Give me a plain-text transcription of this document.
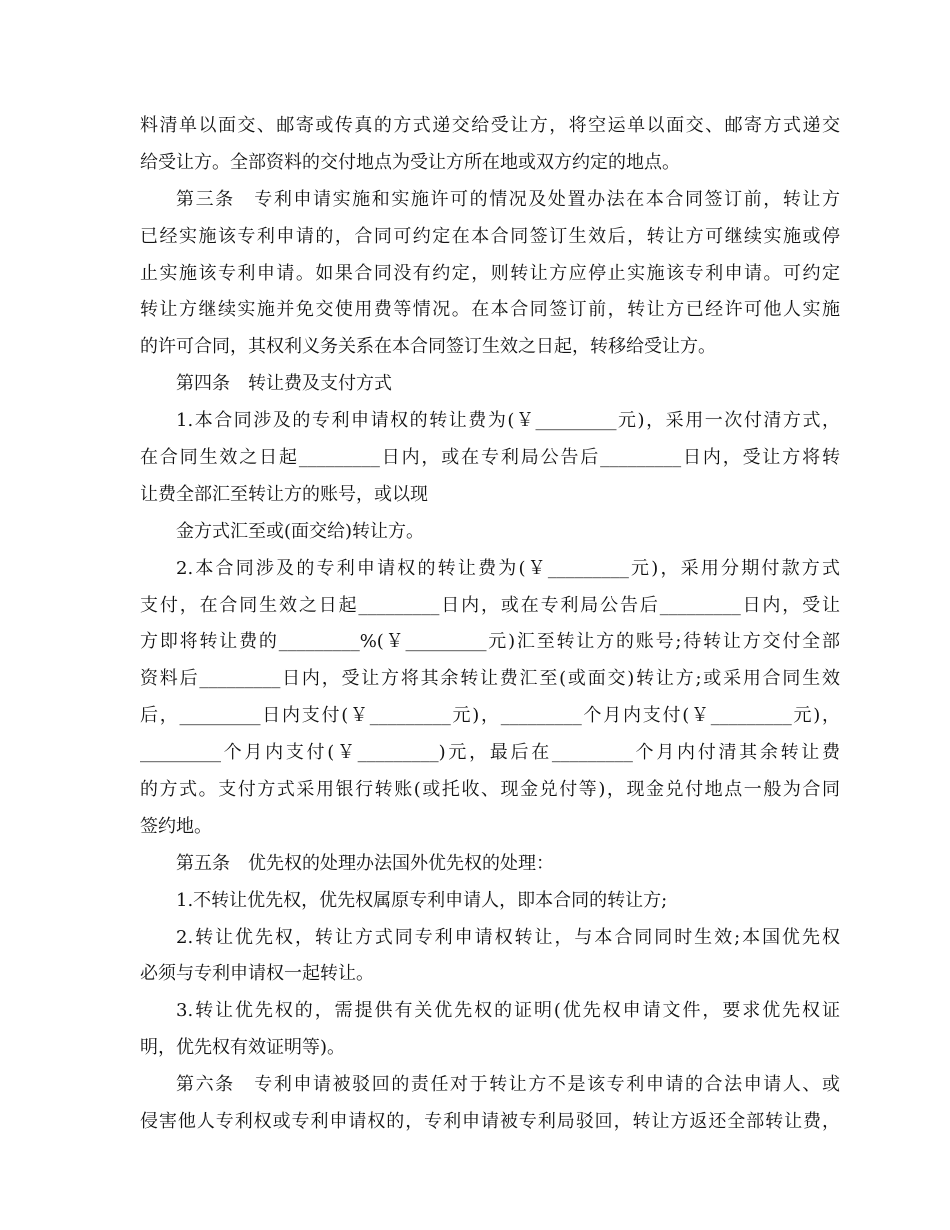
料清单以面交、邮寄或传真的方式递交给受让方，将空运单以面交、邮寄方式递交
给受让方。全部资料的交付地点为受让方所在地或双方约定的地点。
第三条　专利申请实施和实施许可的情况及处置办法在本合同签订前，转让方
已经实施该专利申请的，合同可约定在本合同签订生效后，转让方可继续实施或停
止实施该专利申请。如果合同没有约定，则转让方应停止实施该专利申请。可约定
转让方继续实施并免交使用费等情况。在本合同签订前，转让方已经许可他人实施
的许可合同，其权利义务关系在本合同签订生效之日起，转移给受让方。
第四条　转让费及支付方式
1.本合同涉及的专利申请权的转让费为(￥_________元)，采用一次付清方式，
在合同生效之日起_________日内，或在专利局公告后_________日内，受让方将转
让费全部汇至转让方的账号，或以现
金方式汇至或(面交给)转让方。
2.本合同涉及的专利申请权的转让费为(￥_________元)，采用分期付款方式
支付，在合同生效之日起_________日内，或在专利局公告后_________日内，受让
方即将转让费的_________%(￥_________元)汇至转让方的账号;待转让方交付全部
资料后_________日内，受让方将其余转让费汇至(或面交)转让方;或采用合同生效
后，_________日内支付(￥_________元)，_________个月内支付(￥_________元)，
_________个月内支付(￥_________)元，最后在_________个月内付清其余转让费
的方式。支付方式采用银行转账(或托收、现金兑付等)，现金兑付地点一般为合同
签约地。
第五条　优先权的处理办法国外优先权的处理：
1.不转让优先权，优先权属原专利申请人，即本合同的转让方;
2.转让优先权，转让方式同专利申请权转让，与本合同同时生效;本国优先权
必须与专利申请权一起转让。
3.转让优先权的，需提供有关优先权的证明(优先权申请文件，要求优先权证
明，优先权有效证明等)。
第六条　专利申请被驳回的责任对于转让方不是该专利申请的合法申请人、或
侵害他人专利权或专利申请权的，专利申请被专利局驳回，转让方返还全部转让费，
